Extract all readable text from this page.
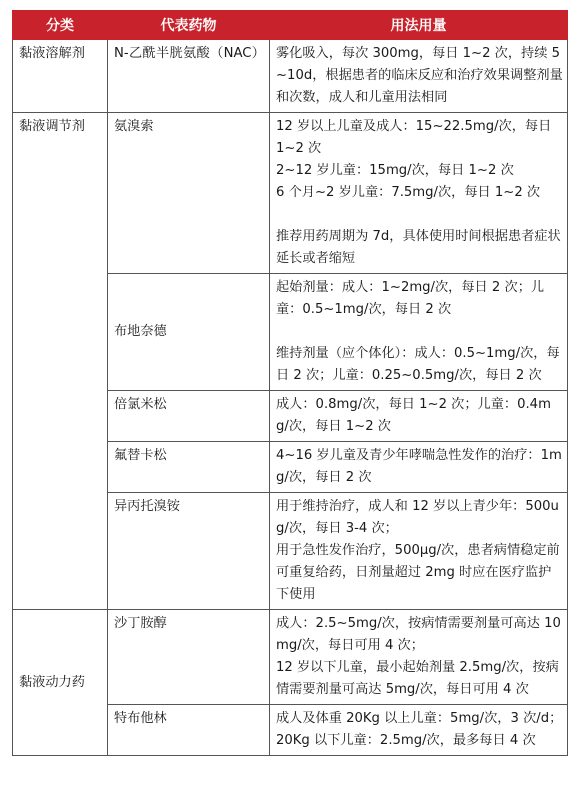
分类	代表药物	用法用量
黏液溶解剂	N-乙酰半胱氨酸（NAC）	雾化吸入，每次 300mg，每日 1~2 次，持续 5~10d，根据患者的临床反应和治疗效果调整剂量和次数，成人和儿童用法相同

黏液调节剂	氨溴索	12 岁以上儿童及成人：15~22.5mg/次，每日 1~2 次
2~12 岁儿童：15mg/次，每日 1~2 次
6 个月~2 岁儿童：7.5mg/次，每日 1~2 次
推荐用药周期为 7d，具体使用时间根据患者症状延长或者缩短

	布地奈德	起始剂量：成人：1~2mg/次，每日 2 次；儿童：0.5~1mg/次，每日 2 次
维持剂量（应个体化）：成人：0.5~1mg/次，每日 2 次；儿童：0.25~0.5mg/次，每日 2 次

	倍氯米松	成人：0.8mg/次，每日 1~2 次；儿童：0.4mg/次，每日 1~2 次

	氟替卡松	4~16 岁儿童及青少年哮喘急性发作的治疗：1mg/次，每日 2 次

	异丙托溴铵	用于维持治疗，成人和 12 岁以上青少年：500ug/次，每日 3-4 次；
用于急性发作治疗，500μg/次，患者病情稳定前可重复给药，日剂量超过 2mg 时应在医疗监护下使用

黏液动力药	沙丁胺醇	成人：2.5~5mg/次，按病情需要剂量可高达 10mg/次，每日可用 4 次；
12 岁以下儿童，最小起始剂量 2.5mg/次，按病情需要剂量可高达 5mg/次，每日可用 4 次

	特布他林	成人及体重 20Kg 以上儿童：5mg/次，3 次/d；
20Kg 以下儿童：2.5mg/次，最多每日 4 次
